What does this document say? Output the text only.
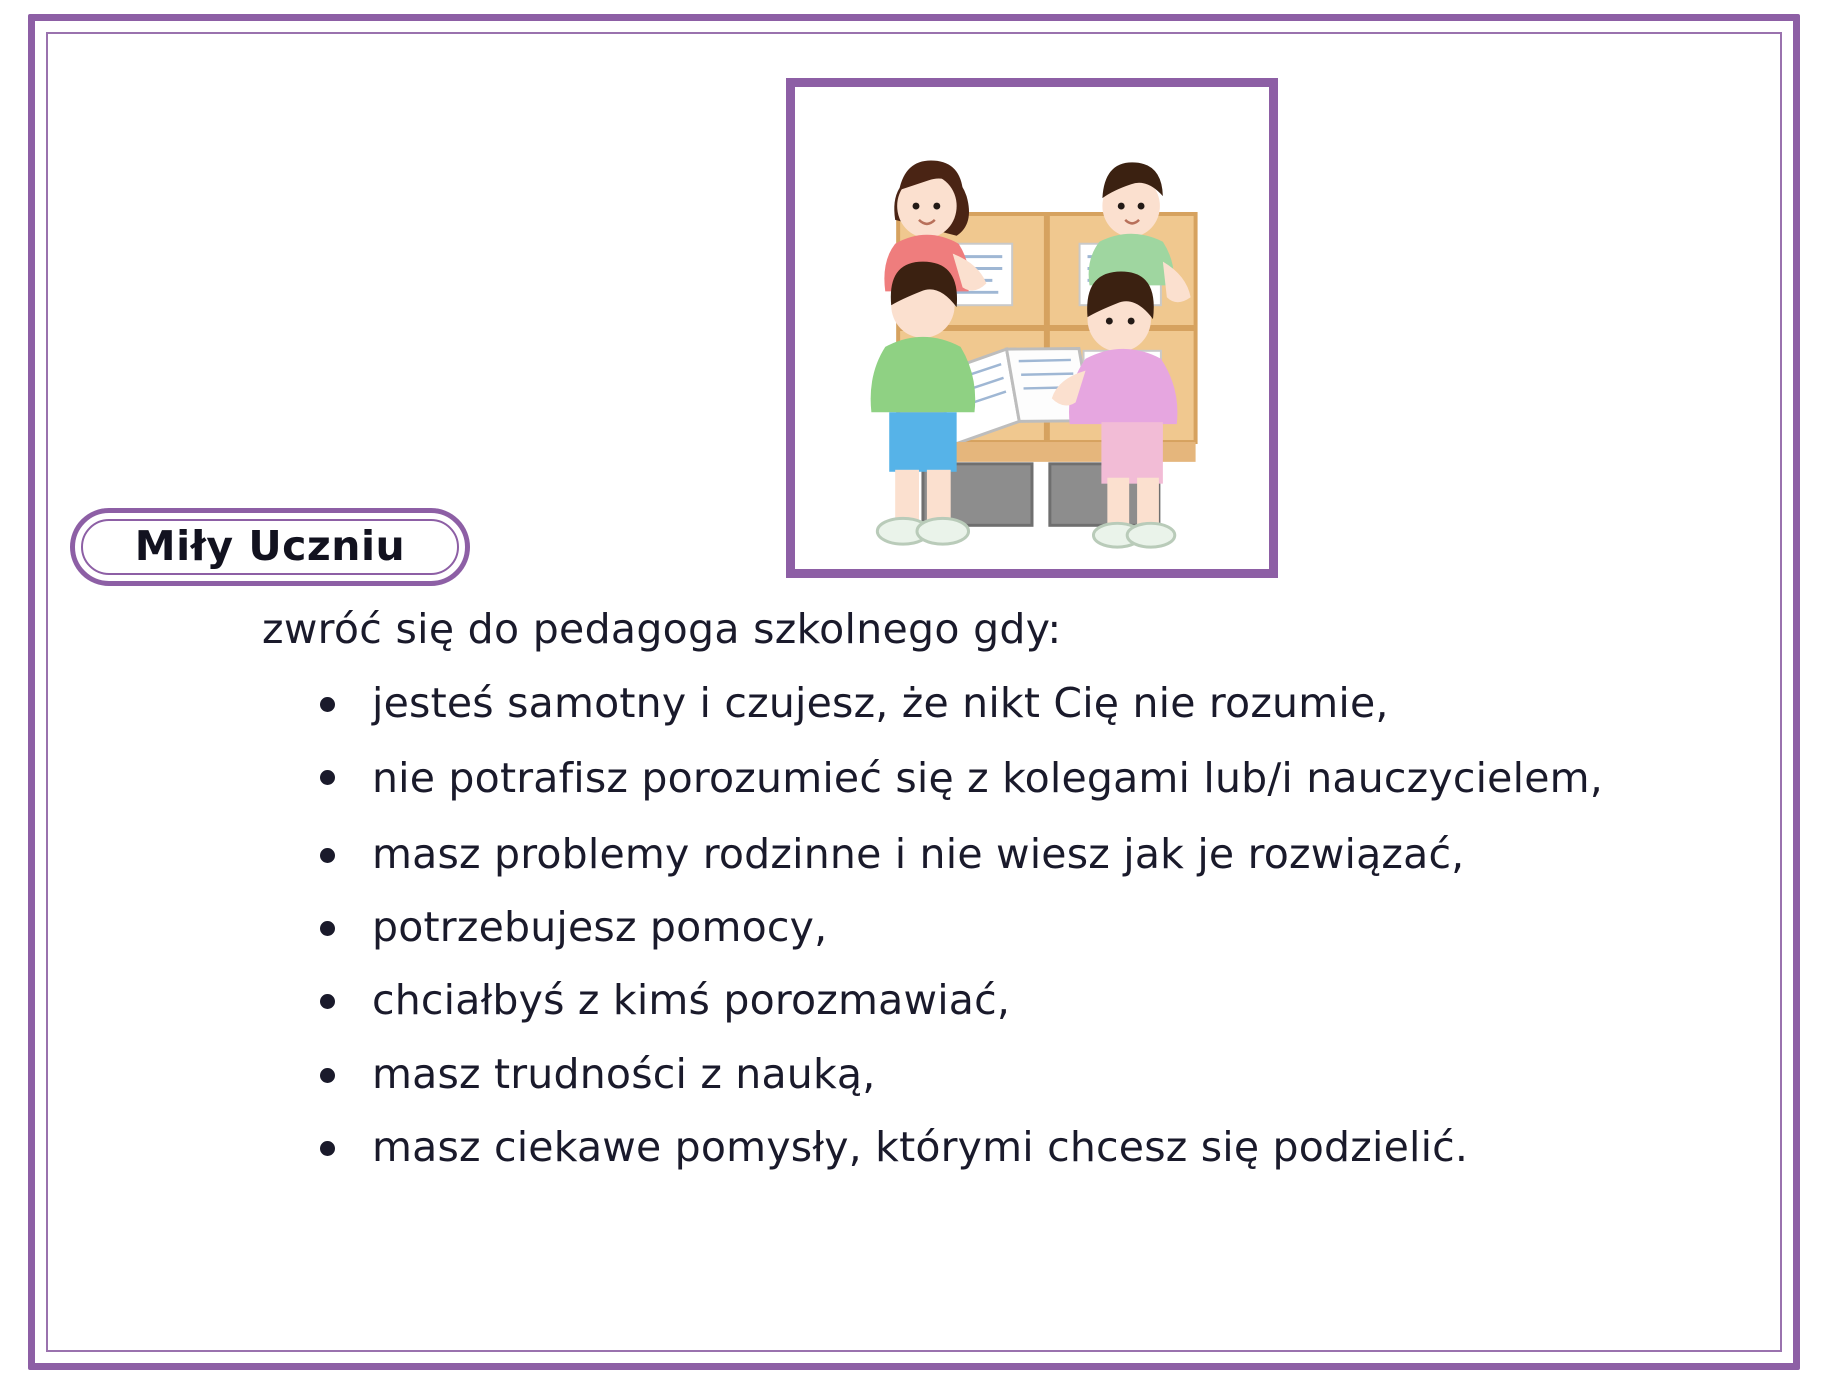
Miły Uczniu
zwróć się do pedagoga szkolnego gdy:
jesteś samotny i czujesz, że nikt Cię nie rozumie,
nie potrafisz porozumieć się z kolegami lub/i nauczycielem,
masz problemy rodzinne i nie wiesz jak je rozwiązać,
potrzebujesz pomocy,
chciałbyś z kimś porozmawiać,
masz trudności z nauką,
masz ciekawe pomysły, którymi chcesz się podzielić.
